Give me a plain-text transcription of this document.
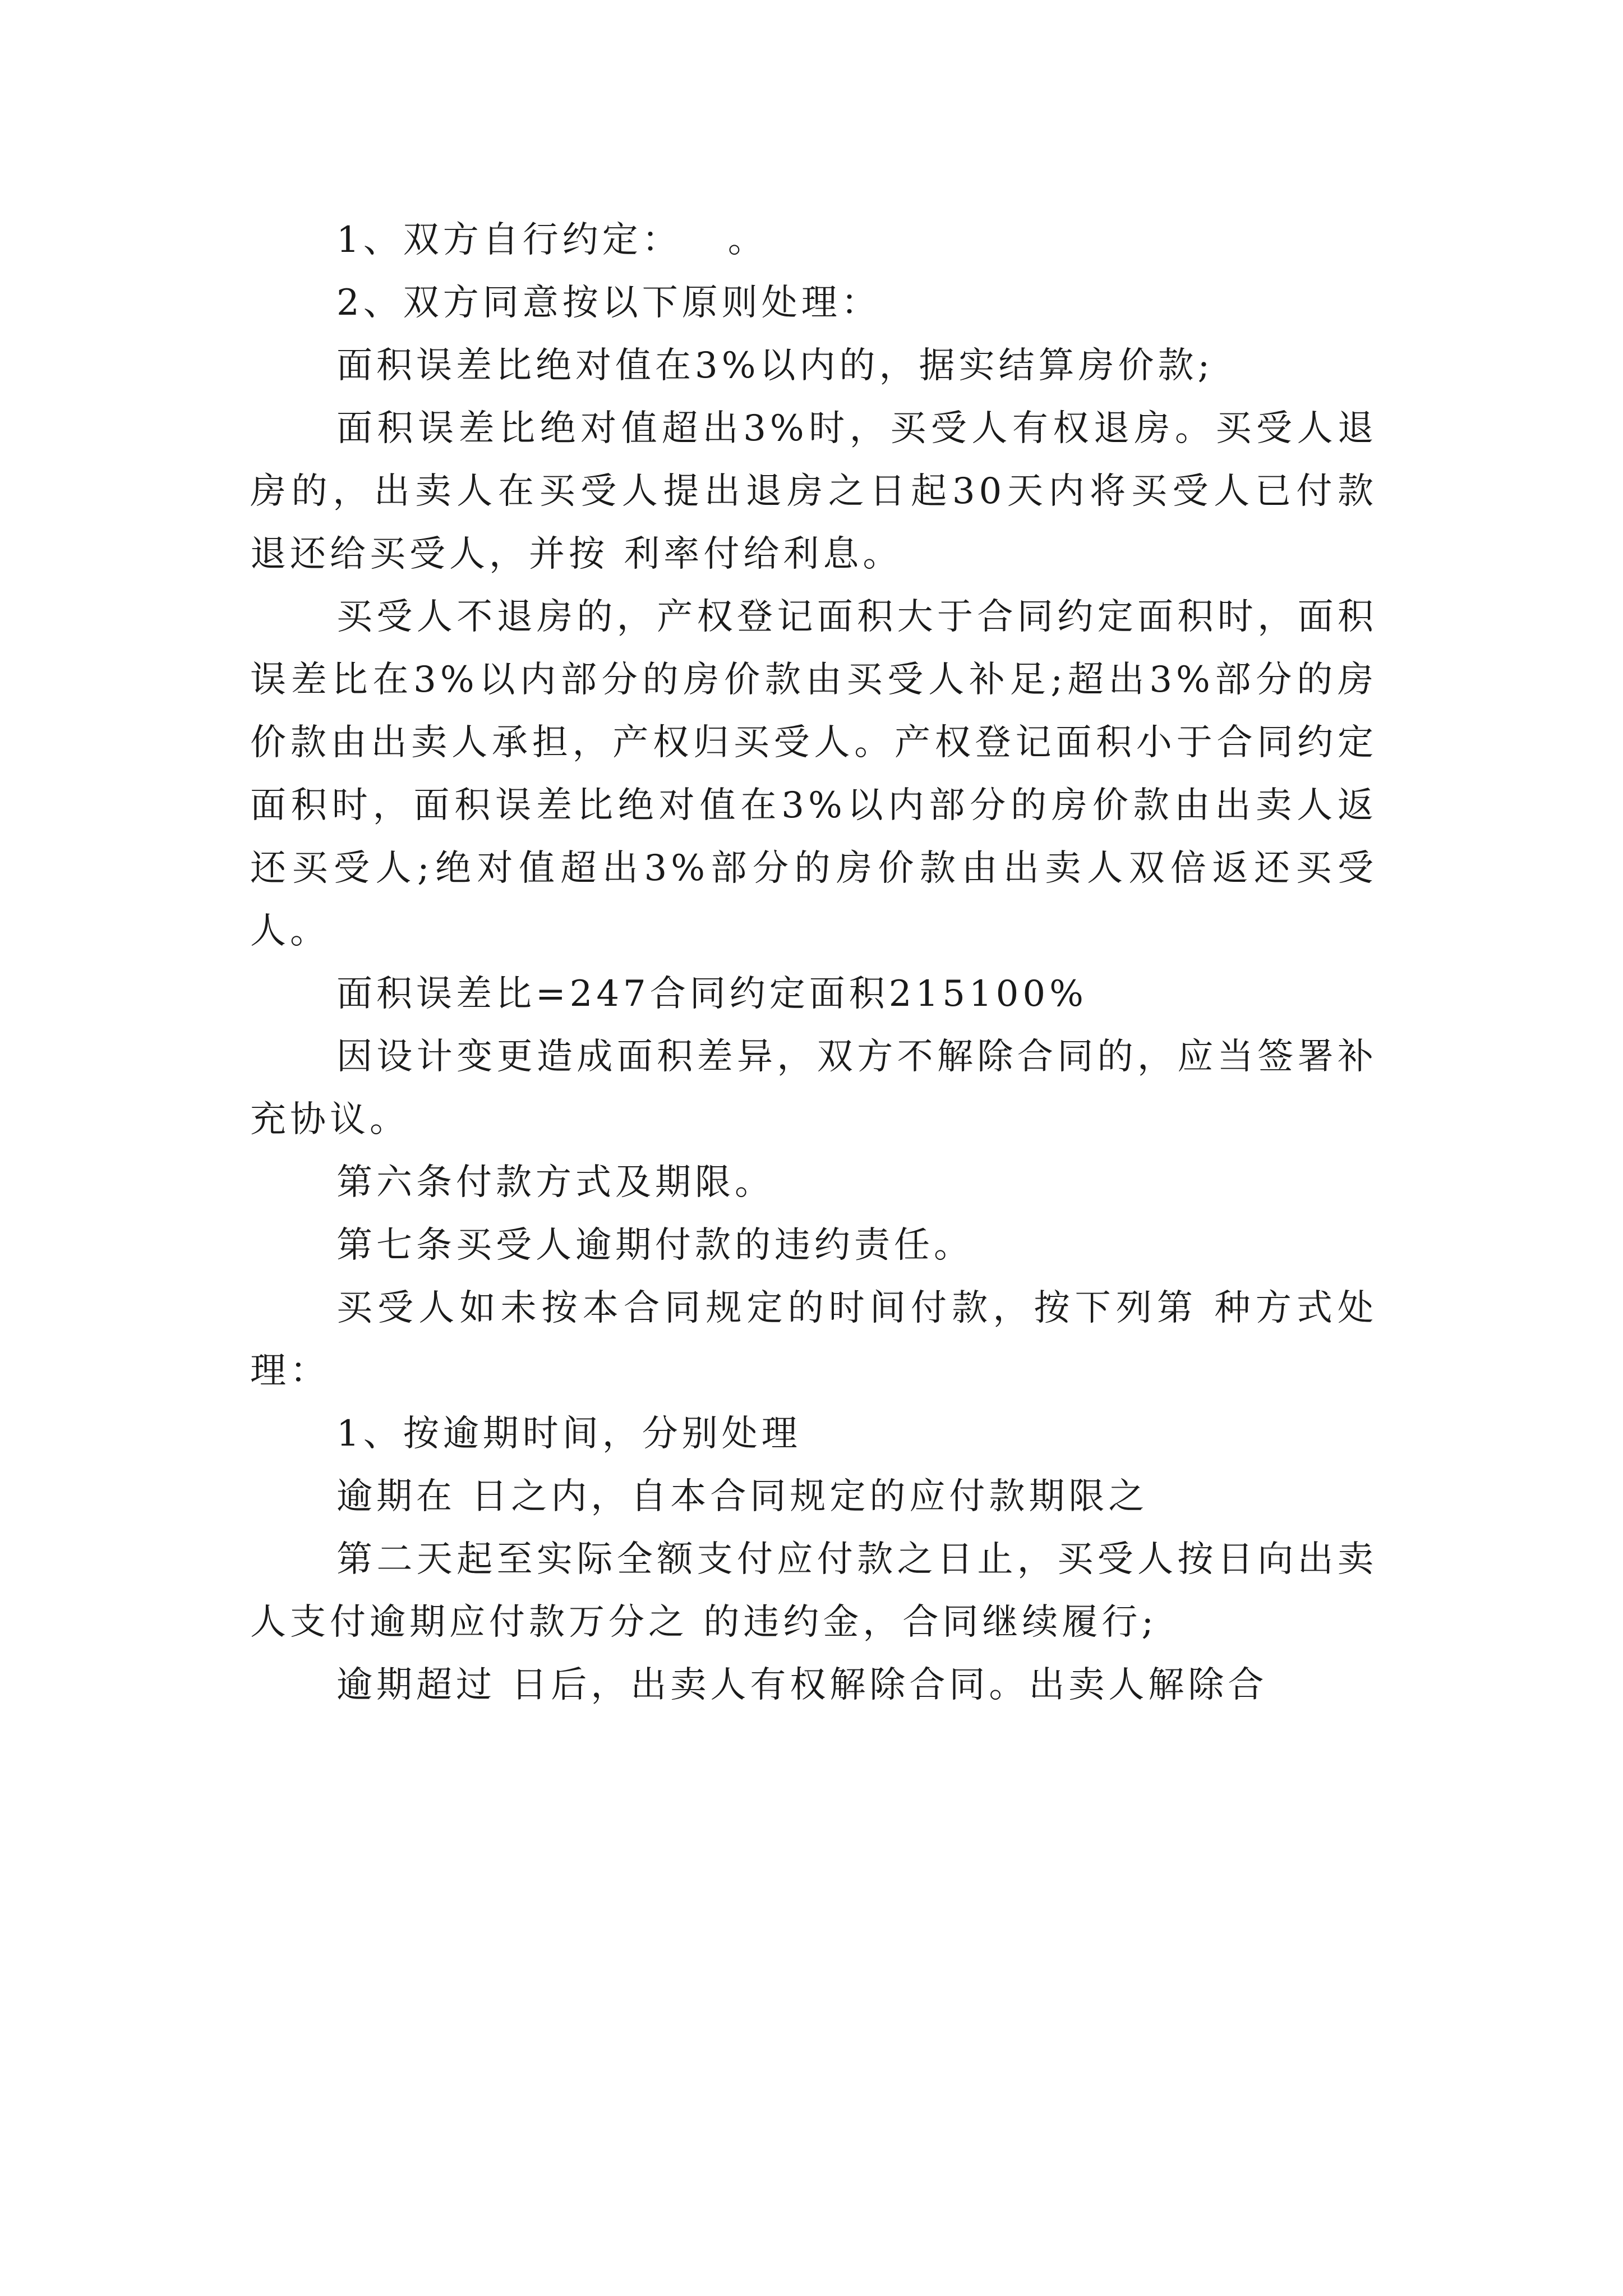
1、双方自行约定：   。

2、双方同意按以下原则处理：

面积误差比绝对值在3%以内的，据实结算房价款;

面积误差比绝对值超出3%时，买受人有权退房。买受人退房的，出卖人在买受人提出退房之日起30天内将买受人已付款退还给买受人，并按 利率付给利息。

买受人不退房的，产权登记面积大于合同约定面积时，面积误差比在3%以内部分的房价款由买受人补足;超出3%部分的房价款由出卖人承担，产权归买受人。产权登记面积小于合同约定面积时，面积误差比绝对值在3%以内部分的房价款由出卖人返还买受人;绝对值超出3%部分的房价款由出卖人双倍返还买受人。

面积误差比=247合同约定面积215100%

因设计变更造成面积差异，双方不解除合同的，应当签署补充协议。

第六条付款方式及期限。

第七条买受人逾期付款的违约责任。

买受人如未按本合同规定的时间付款，按下列第 种方式处理：

1、按逾期时间，分别处理

逾期在 日之内，自本合同规定的应付款期限之

第二天起至实际全额支付应付款之日止，买受人按日向出卖人支付逾期应付款万分之 的违约金，合同继续履行;

逾期超过 日后，出卖人有权解除合同。出卖人解除合
